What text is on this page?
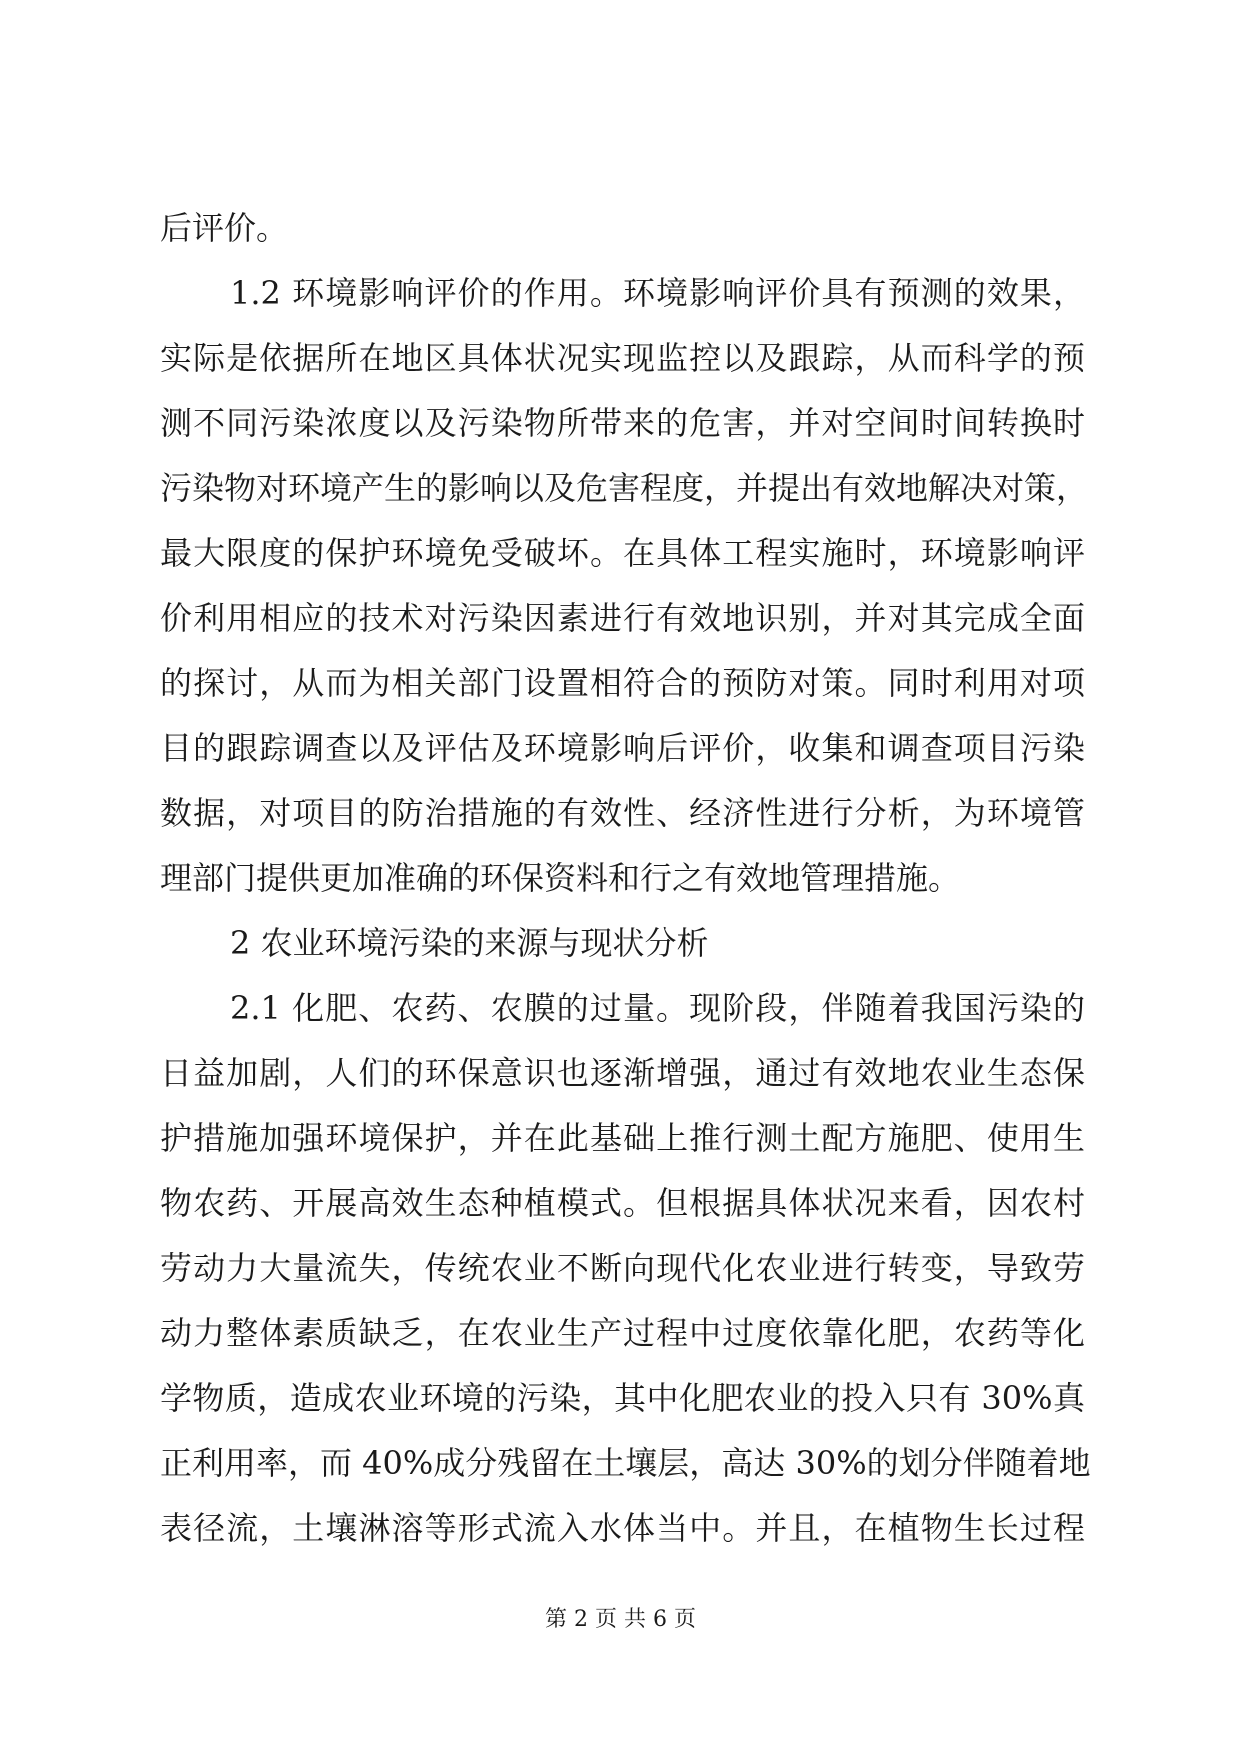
后评价。
1.2 环境影响评价的作用。环境影响评价具有预测的效果，
实际是依据所在地区具体状况实现监控以及跟踪，从而科学的预
测不同污染浓度以及污染物所带来的危害，并对空间时间转换时
污染物对环境产生的影响以及危害程度，并提出有效地解决对策，
最大限度的保护环境免受破坏。在具体工程实施时，环境影响评
价利用相应的技术对污染因素进行有效地识别，并对其完成全面
的探讨，从而为相关部门设置相符合的预防对策。同时利用对项
目的跟踪调查以及评估及环境影响后评价，收集和调查项目污染
数据，对项目的防治措施的有效性、经济性进行分析，为环境管
理部门提供更加准确的环保资料和行之有效地管理措施。
2 农业环境污染的来源与现状分析
2.1 化肥、农药、农膜的过量。现阶段，伴随着我国污染的
日益加剧，人们的环保意识也逐渐增强，通过有效地农业生态保
护措施加强环境保护，并在此基础上推行测土配方施肥、使用生
物农药、开展高效生态种植模式。但根据具体状况来看，因农村
劳动力大量流失，传统农业不断向现代化农业进行转变，导致劳
动力整体素质缺乏，在农业生产过程中过度依靠化肥，农药等化
学物质，造成农业环境的污染，其中化肥农业的投入只有 30%真
正利用率，而 40%成分残留在土壤层，高达 30%的划分伴随着地
表径流，土壤淋溶等形式流入水体当中。并且，在植物生长过程
第 2 页 共 6 页
